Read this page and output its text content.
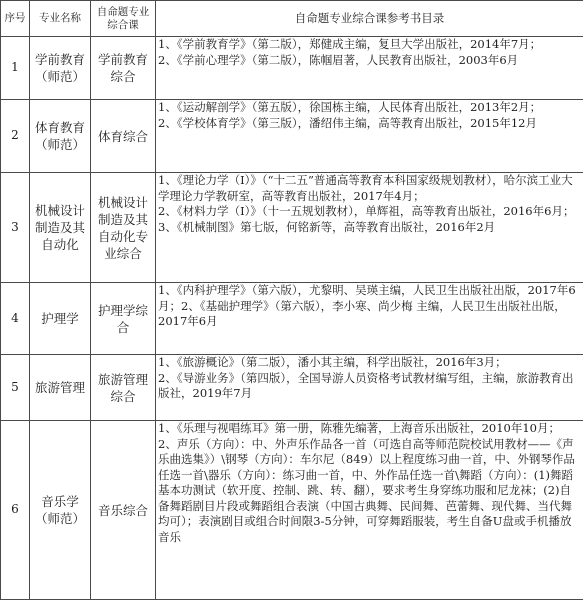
序号	专业名称	自命题专业综合课	自命题专业综合课参考书目录
1	学前教育（师范）	学前教育综合	1、《学前教育学》（第二版），郑健成主编，复旦大学出版社，2014年7月；
2、《学前心理学》（第二版），陈帼眉著，人民教育出版社，2003年6月

2	体育教育（师范）	体育综合	1、《运动解剖学》（第五版），徐国栋主编，人民体育出版社，2013年2月；
2、《学校体育学》（第三版），潘绍伟主编，高等教育出版社，2015年12月

3	机械设计制造及其自动化	机械设计制造及其自动化专业综合	1、《理论力学（Ⅰ）》（“十二五”普通高等教育本科国家级规划教材），哈尔滨工业大学理论力学教研室，高等教育出版社，2017年4月；
2、《材料力学（Ⅰ）》（十一五规划教材），单辉祖，高等教育出版社，2016年6月；
3、《机械制图》第七版，何铭新等，高等教育出版社，2016年2月

4	护理学	护理学综合	1、《内科护理学》（第六版），尤黎明、吴瑛主编，人民卫生出版社出版，2017年6月；2、《基础护理学》（第六版），李小寒、尚少梅 主编，人民卫生出版社出版，2017年6月

5	旅游管理	旅游管理综合	1、《旅游概论》（第二版），潘小其主编，科学出版社，2016年3月；
2、《导游业务》（第四版），全国导游人员资格考试教材编写组，主编，旅游教育出版社，2019年7月

6	音乐学（师范）	音乐综合	1、《乐理与视唱练耳》第一册，陈雅先编著，上海音乐出版社，2010年10月；
2、声乐（方向）：中、外声乐作品各一首（可选自高等师范院校试用教材——《声乐曲选集》）\钢琴（方向）：车尔尼（849）以上程度练习曲一首，中、外钢琴作品任选一首\器乐（方向）：练习曲一首，中、外作品任选一首\舞蹈（方向）：(1)舞蹈基本功测试（软开度、控制、跳、转、翻），要求考生身穿练功服和尼龙袜；(2)自备舞蹈剧目片段或舞蹈组合表演（中国古典舞、民间舞、芭蕾舞、现代舞、当代舞均可）；表演剧目或组合时间限3-5分钟，可穿舞蹈服装，考生自备U盘或手机播放音乐
